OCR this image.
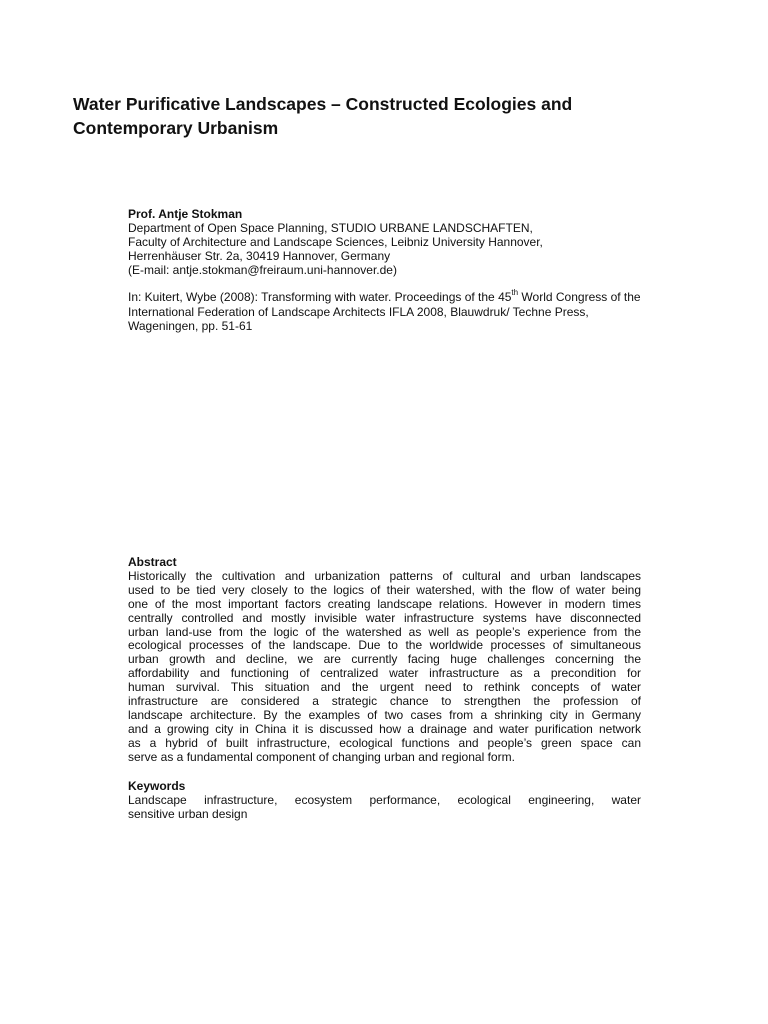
Water Purificative Landscapes – Constructed Ecologies and
Contemporary Urbanism
Prof. Antje Stokman
Department of Open Space Planning, STUDIO URBANE LANDSCHAFTEN,
Faculty of Architecture and Landscape Sciences, Leibniz University Hannover,
Herrenhäuser Str. 2a, 30419 Hannover, Germany
(E-mail: antje.stokman@freiraum.uni-hannover.de)
In: Kuitert, Wybe (2008): Transforming with water. Proceedings of the 45th World Congress of the
International Federation of Landscape Architects IFLA 2008, Blauwdruk/ Techne Press,
Wageningen, pp. 51-61
Abstract
Historically the cultivation and urbanization patterns of cultural and urban landscapes
used to be tied very closely to the logics of their watershed, with the flow of water being
one of the most important factors creating landscape relations. However in modern times
centrally controlled and mostly invisible water infrastructure systems have disconnected
urban land-use from the logic of the watershed as well as people’s experience from the
ecological processes of the landscape. Due to the worldwide processes of simultaneous
urban growth and decline, we are currently facing huge challenges concerning the
affordability and functioning of centralized water infrastructure as a precondition for
human survival. This situation and the urgent need to rethink concepts of water
infrastructure are considered a strategic chance to strengthen the profession of
landscape architecture. By the examples of two cases from a shrinking city in Germany
and a growing city in China it is discussed how a drainage and water purification network
as a hybrid of built infrastructure, ecological functions and people’s green space can
serve as a fundamental component of changing urban and regional form.
Keywords
Landscape infrastructure, ecosystem performance, ecological engineering, water
sensitive urban design
